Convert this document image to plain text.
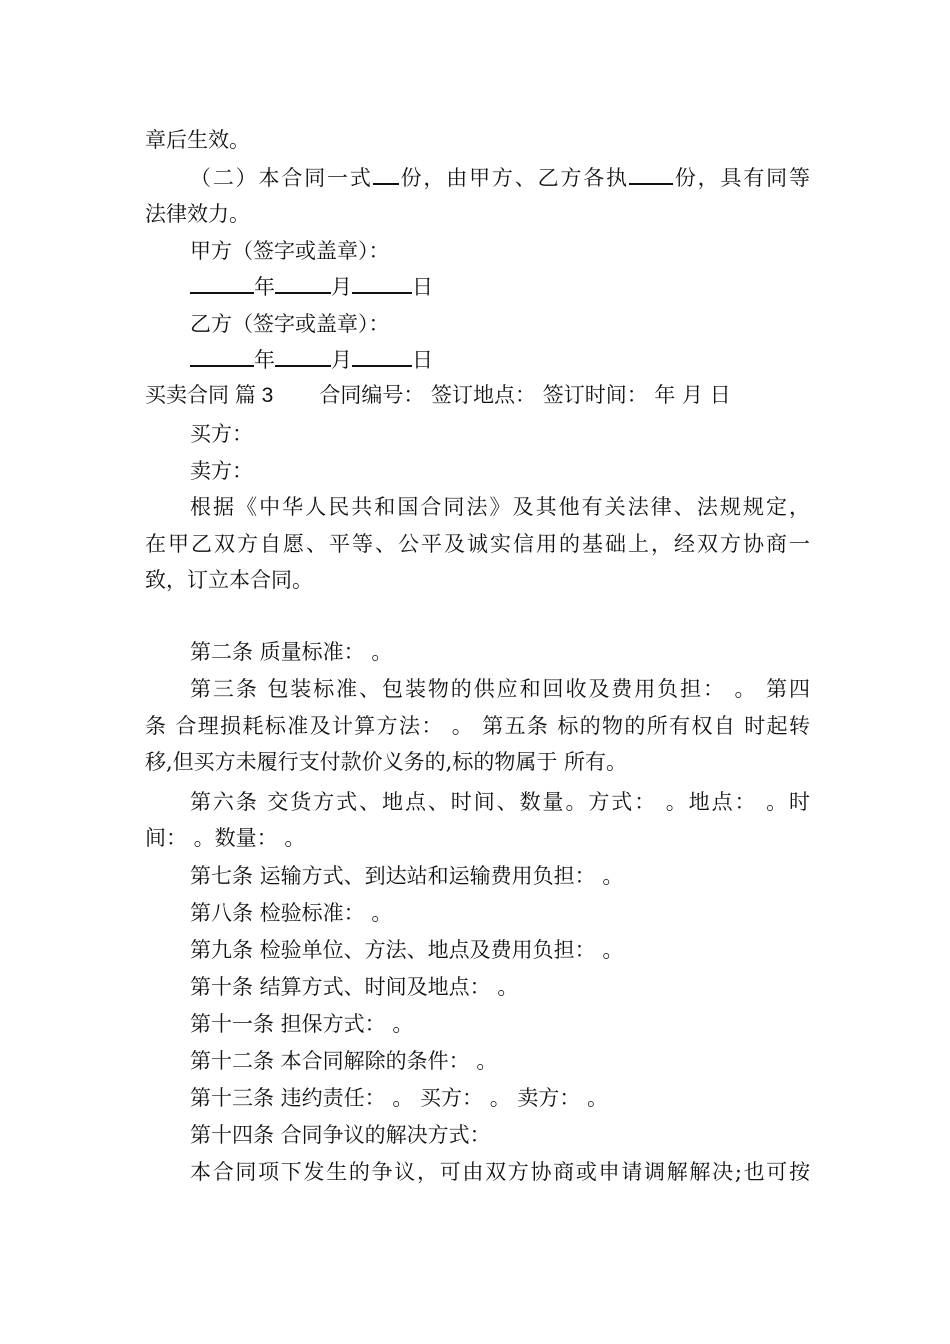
章后生效。
（二）本合同一式 份，由甲方、乙方各执 份，具有同等
法律效力。
甲方（签字或盖章）：
年	月	日
乙方（签字或盖章）：
年	月	日
买卖合同 篇 3 合同编号： 签订地点： 签订时间： 年 月 日
买方：
卖方：
根据《中华人民共和国合同法》及其他有关法律、法规规定，
在甲乙双方自愿、平等、公平及诚实信用的基础上，经双方协商一
致，订立本合同。
第二条 质量标准： 。
第三条 包装标准、包装物的供应和回收及费用负担： 。 第四
条 合理损耗标准及计算方法： 。 第五条 标的物的所有权自 时起转
移,但买方未履行支付款价义务的,标的物属于 所有。
第六条 交货方式、地点、时间、数量。方式： 。地点： 。时
间： 。数量： 。
第七条 运输方式、到达站和运输费用负担： 。
第八条 检验标准： 。
第九条 检验单位、方法、地点及费用负担： 。
第十条 结算方式、时间及地点： 。
第十一条 担保方式： 。
第十二条 本合同解除的条件： 。
第十三条 违约责任： 。 买方： 。 卖方： 。
第十四条 合同争议的解决方式：
本合同项下发生的争议，可由双方协商或申请调解解决;也可按
